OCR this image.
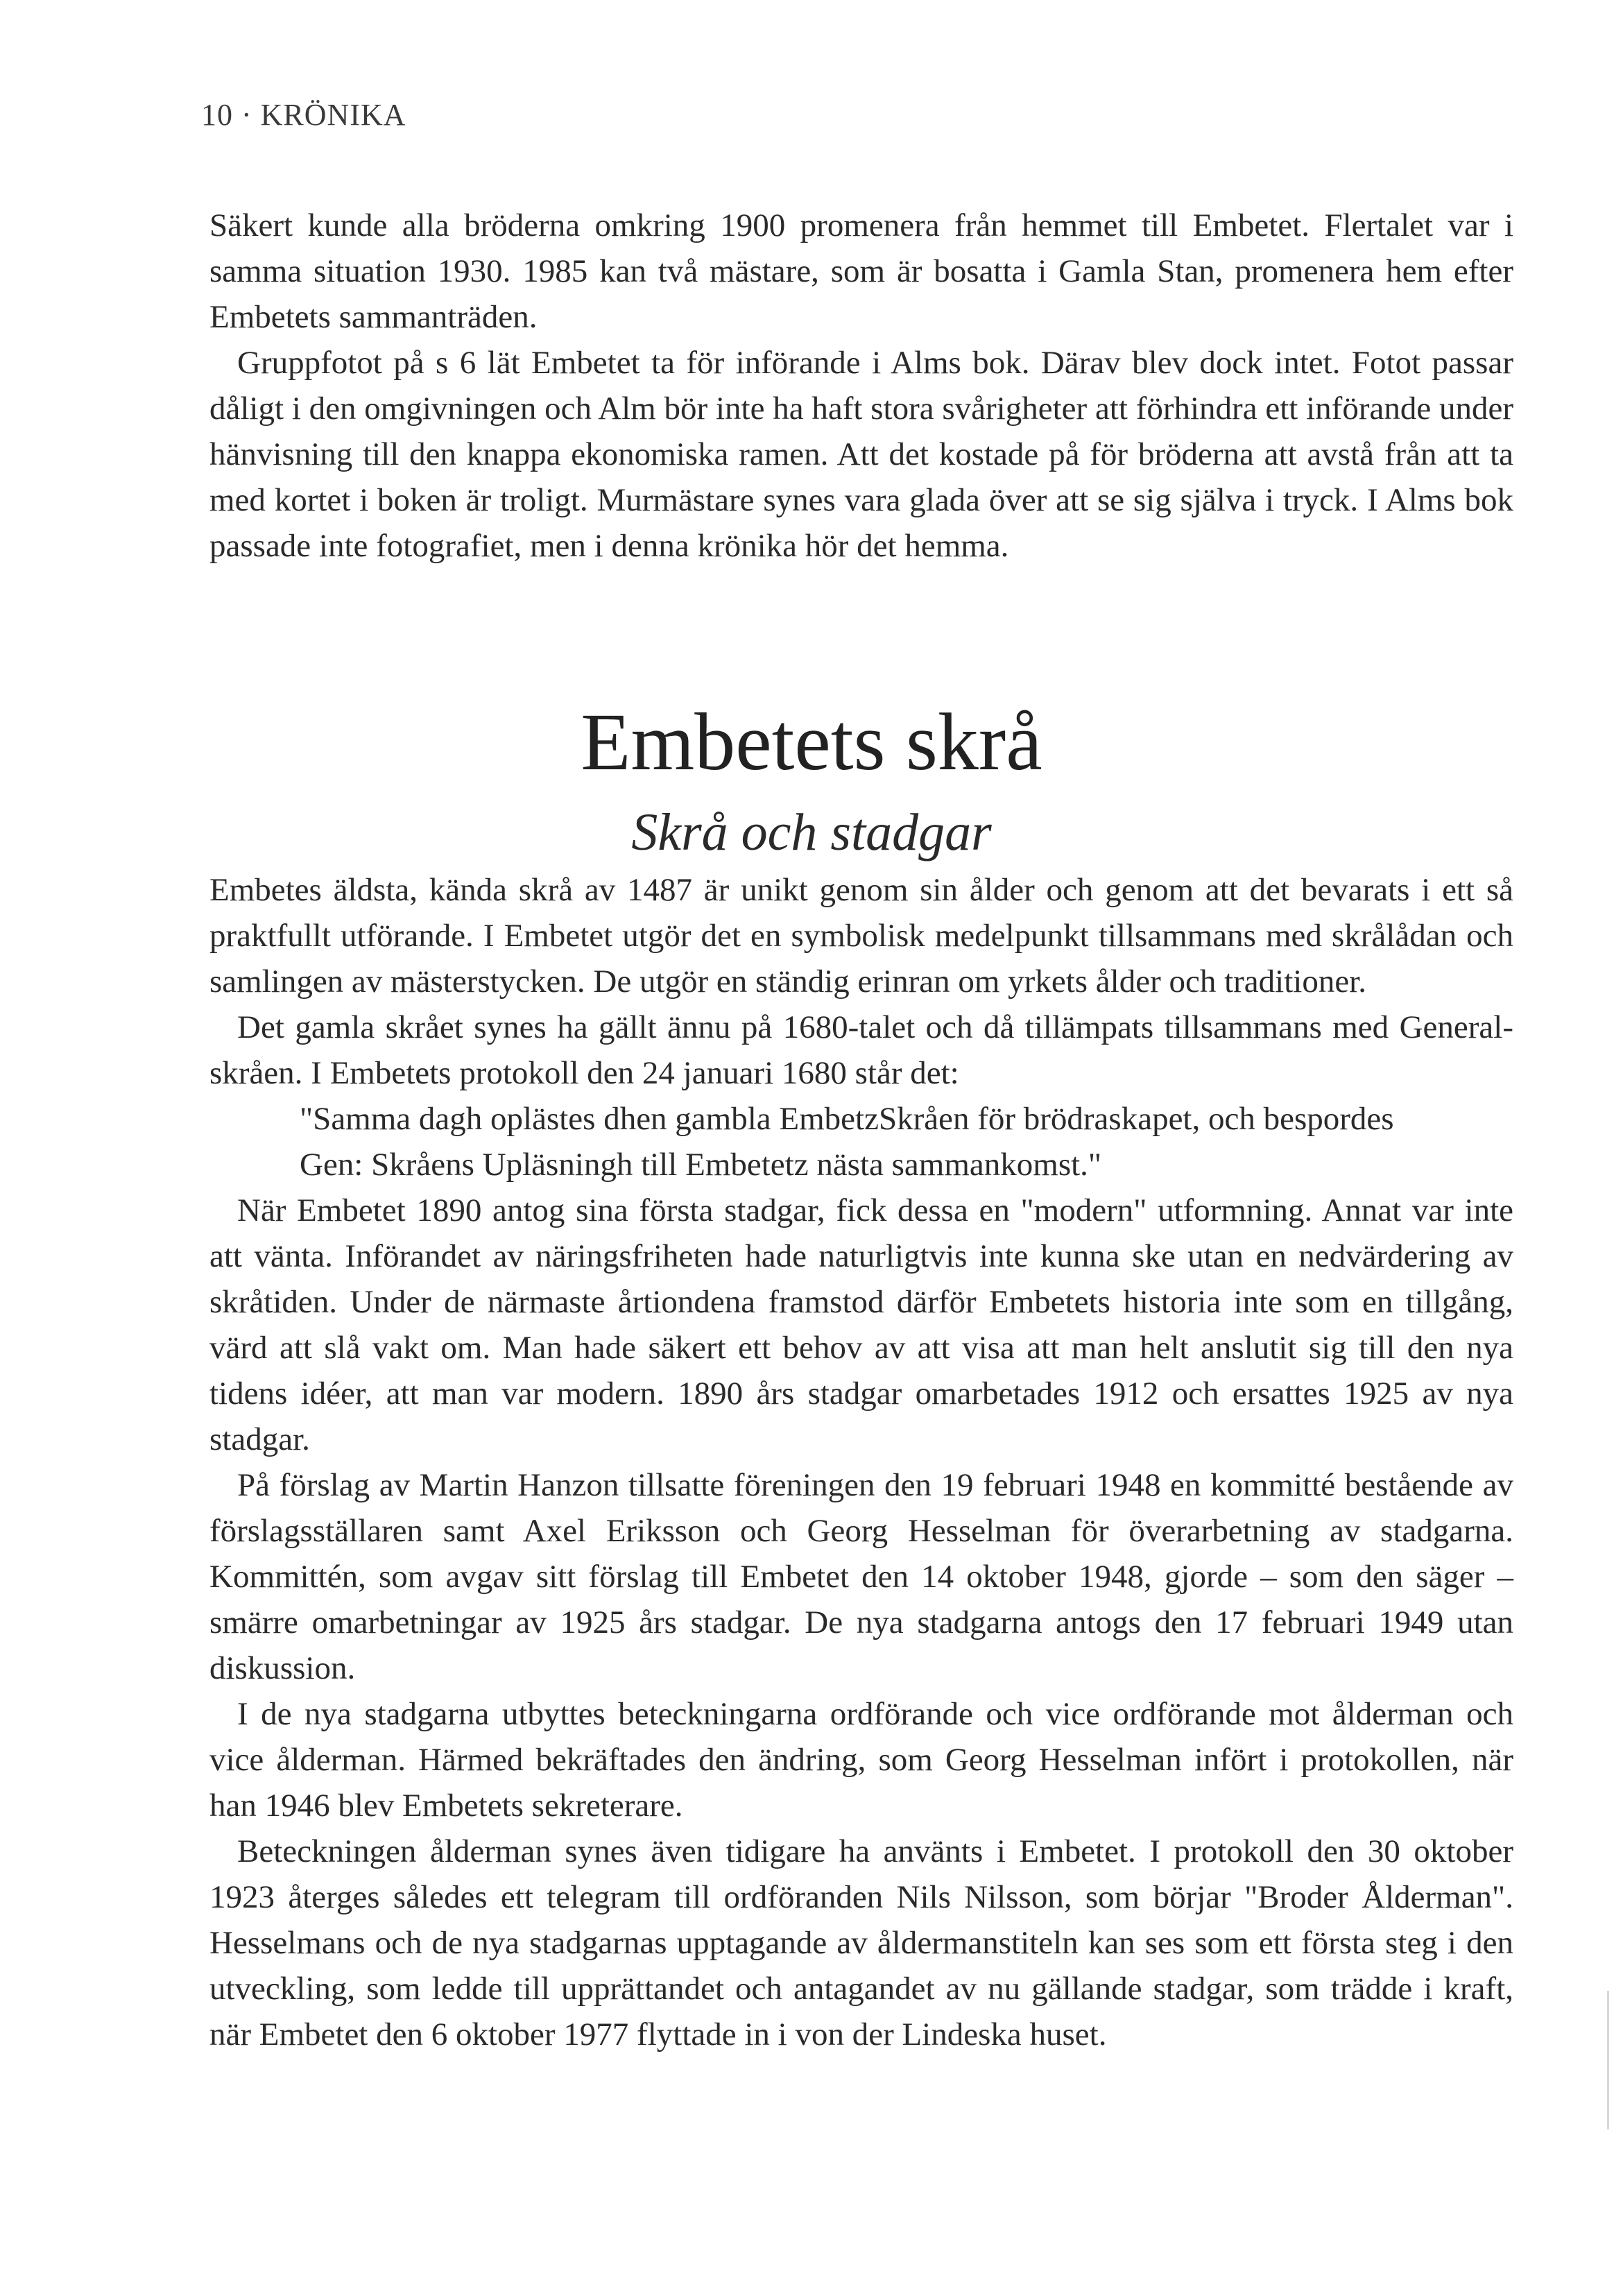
10 · KRÖNIKA

Säkert kunde alla bröderna omkring 1900 promenera från hemmet till Embetet. Flertalet var i samma situation 1930. 1985 kan två mästare, som är bosatta i Gamla Stan, promenera hem efter Embetets sammanträden.

Gruppfotot på s 6 lät Embetet ta för införande i Alms bok. Därav blev dock intet. Fotot passar dåligt i den omgivningen och Alm bör inte ha haft stora svårigheter att förhindra ett införande under hänvisning till den knappa ekonomiska ramen. Att det kostade på för bröderna att avstå från att ta med kortet i boken är troligt. Murmästare synes vara glada över att se sig själva i tryck. I Alms bok passade inte fotografiet, men i denna krönika hör det hemma.

Embetets skrå
Skrå och stadgar

Embetes äldsta, kända skrå av 1487 är unikt genom sin ålder och genom att det bevarats i ett så praktfullt utförande. I Embetet utgör det en symbolisk medelpunkt tillsammans med skrålådan och samlingen av mästerstycken. De utgör en ständig erinran om yrkets ålder och traditioner.

Det gamla skrået synes ha gällt ännu på 1680-talet och då tillämpats tillsammans med General-skråen. I Embetets protokoll den 24 januari 1680 står det:

"Samma dagh oplästes dhen gambla EmbetzSkråen för brödraskapet, och bespordes Gen: Skråens Upläsningh till Embetetz nästa sammankomst."

När Embetet 1890 antog sina första stadgar, fick dessa en "modern" utformning. Annat var inte att vänta. Införandet av näringsfriheten hade naturligtvis inte kunna ske utan en nedvärdering av skråtiden. Under de närmaste årtiondena framstod därför Embetets historia inte som en tillgång, värd att slå vakt om. Man hade säkert ett behov av att visa att man helt anslutit sig till den nya tidens idéer, att man var modern. 1890 års stadgar omarbetades 1912 och ersattes 1925 av nya stadgar.

På förslag av Martin Hanzon tillsatte föreningen den 19 februari 1948 en kommitté bestående av förslagsställaren samt Axel Eriksson och Georg Hesselman för överarbetning av stadgarna. Kommittén, som avgav sitt förslag till Embetet den 14 oktober 1948, gjorde – som den säger – smärre omarbetningar av 1925 års stadgar. De nya stadgarna antogs den 17 februari 1949 utan diskussion.

I de nya stadgarna utbyttes beteckningarna ordförande och vice ordförande mot ålderman och vice ålderman. Härmed bekräftades den ändring, som Georg Hesselman infört i protokollen, när han 1946 blev Embetets sekreterare.

Beteckningen ålderman synes även tidigare ha använts i Embetet. I protokoll den 30 oktober 1923 återges således ett telegram till ordföranden Nils Nilsson, som börjar "Broder Ålderman". Hesselmans och de nya stadgarnas upptagande av åldermanstiteln kan ses som ett första steg i den utveckling, som ledde till upprättandet och antagandet av nu gällande stadgar, som trädde i kraft, när Embetet den 6 oktober 1977 flyttade in i von der Lindeska huset.
